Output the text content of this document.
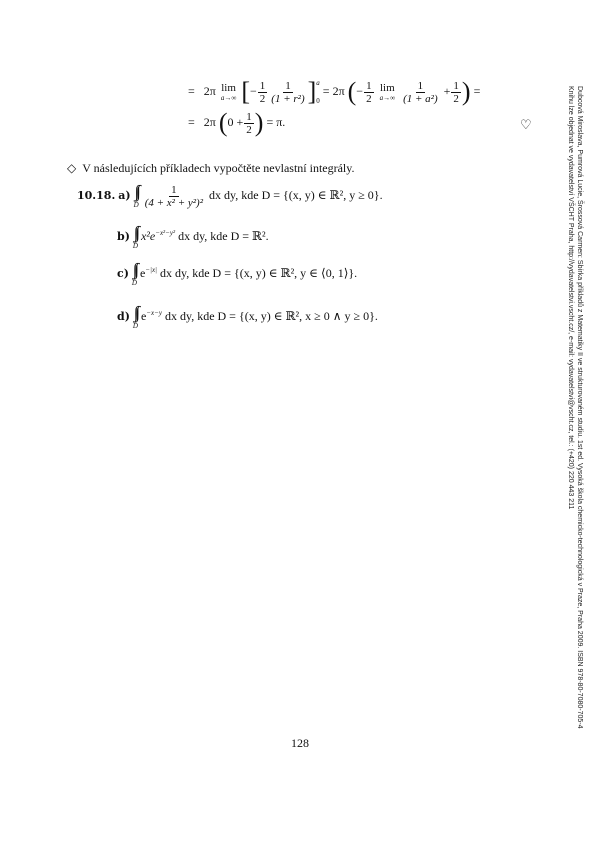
= 2π lim
a→∞ [− $\frac{1}{2} \frac{1}{\text{(1 + r²)}}$ ] a
0
= 2π (− $\frac{1}{2}$
lim
a→∞
$\frac{1}{\text{(1 + a²)}} + \frac{1}{2}$ ) =
= 2π ($0 + \frac{1}{2}$ ) = π.	♡
◇ V následujících příkladech vypočtěte nevlastní integrály.
10.18. a) ∫∫
D $\frac{1}{\text{(4 + x² + y²)²}}$ dx dy, kde D = {(x, y) ∈ ℝ², y ≥ 0}.
b) ∫∫
D
$x^2e^{-x^2-y^2}$ dx dy, kde D = ℝ².
c) ∫∫
D
$e^{-|x|}$ dx dy, kde D = {(x, y) ∈ ℝ², y ∈ ⟨0, 1⟩}.
d) ∫∫
D
$e^{-x-y}$ dx dy, kde D = {(x, y) ∈ ℝ², x ≥ 0 ∧ y ≥ 0}.
128
Dubcová Miroslava, Pumrová Lucie, Šrossová Carmen: Sbírka příkladů z Matematiky II ve strukturovaném studiu. 1st ed. Vysoká škola chemicko-technologická v Praze, Praha 2009. ISBN 978-80-7080-705-4
Knihu lze objednat ve vydavatelství VŠCHT Praha, http://vydavatelstvi.vscht.cz/, e-mail: vydavatelstvi@vscht.cz, tel.: (+420) 220 443 211
